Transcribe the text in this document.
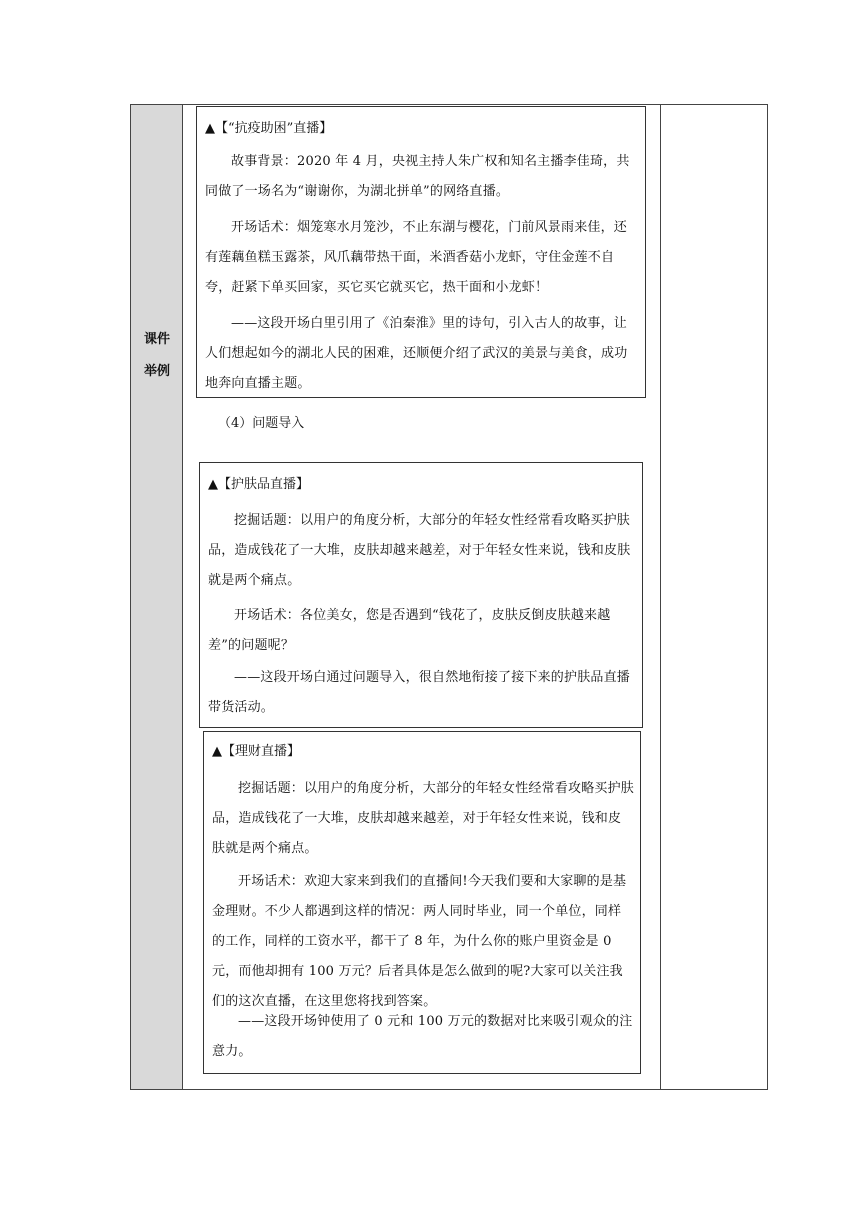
课件
举例
▲【“抗疫助困”直播】
故事背景：2020 年 4 月，央视主持人朱广权和知名主播李佳琦，共同做了一场名为“谢谢你，为湖北拼单”的网络直播。
开场话术：烟笼寒水月笼沙，不止东湖与樱花，门前风景雨来佳，还有莲藕鱼糕玉露茶，风爪藕带热干面，米酒香菇小龙虾，守住金莲不自夸，赶紧下单买回家，买它买它就买它，热干面和小龙虾！
——这段开场白里引用了《泊秦淮》里的诗句，引入古人的故事，让人们想起如今的湖北人民的困难，还顺便介绍了武汉的美景与美食，成功地奔向直播主题。
（4）问题导入
▲【护肤品直播】
挖掘话题：以用户的角度分析，大部分的年轻女性经常看攻略买护肤品，造成钱花了一大堆，皮肤却越来越差，对于年轻女性来说，钱和皮肤就是两个痛点。
开场话术：各位美女，您是否遇到“钱花了，皮肤反倒皮肤越来越差”的问题呢？
——这段开场白通过问题导入，很自然地衔接了接下来的护肤品直播带货活动。
▲【理财直播】
挖掘话题：以用户的角度分析，大部分的年轻女性经常看攻略买护肤品，造成钱花了一大堆，皮肤却越来越差，对于年轻女性来说，钱和皮肤就是两个痛点。
开场话术：欢迎大家来到我们的直播间!今天我们要和大家聊的是基金理财。不少人都遇到这样的情况：两人同时毕业，同一个单位，同样的工作，同样的工资水平，都干了 8 年，为什么你的账户里资金是 0 元，而他却拥有 100 万元？后者具体是怎么做到的呢?大家可以关注我们的这次直播，在这里您将找到答案。
——这段开场钟使用了 0 元和 100 万元的数据对比来吸引观众的注意力。
